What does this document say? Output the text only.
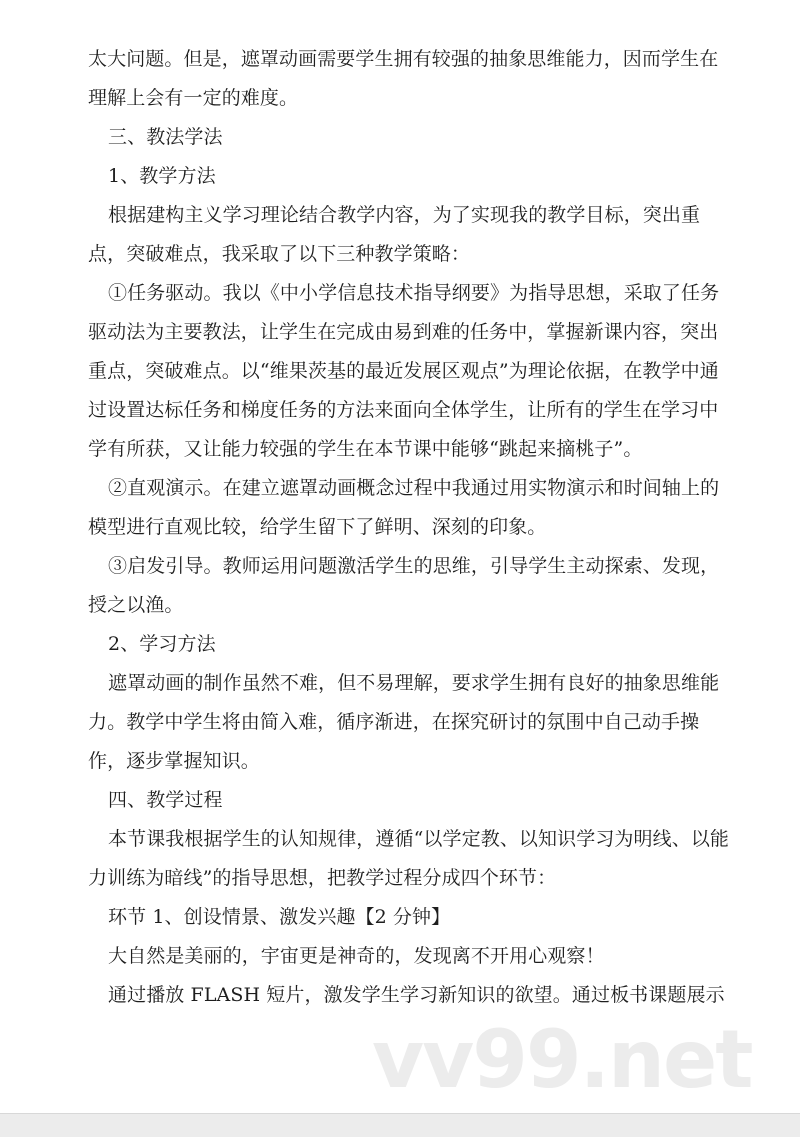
太大问题。但是，遮罩动画需要学生拥有较强的抽象思维能力，因而学生在
理解上会有一定的难度。
三、教法学法
1、教学方法
根据建构主义学习理论结合教学内容，为了实现我的教学目标，突出重
点，突破难点，我采取了以下三种教学策略：
①任务驱动。我以《中小学信息技术指导纲要》为指导思想，采取了任务
驱动法为主要教法，让学生在完成由易到难的任务中，掌握新课内容，突出
重点，突破难点。以“维果茨基的最近发展区观点”为理论依据，在教学中通
过设置达标任务和梯度任务的方法来面向全体学生，让所有的学生在学习中
学有所获，又让能力较强的学生在本节课中能够“跳起来摘桃子”。
②直观演示。在建立遮罩动画概念过程中我通过用实物演示和时间轴上的
模型进行直观比较，给学生留下了鲜明、深刻的印象。
③启发引导。教师运用问题激活学生的思维，引导学生主动探索、发现，
授之以渔。
2、学习方法
遮罩动画的制作虽然不难，但不易理解，要求学生拥有良好的抽象思维能
力。教学中学生将由简入难，循序渐进，在探究研讨的氛围中自己动手操
作，逐步掌握知识。
四、教学过程
本节课我根据学生的认知规律，遵循“以学定教、以知识学习为明线、以能
力训练为暗线”的指导思想，把教学过程分成四个环节：
环节 1、创设情景、激发兴趣【2 分钟】
大自然是美丽的，宇宙更是神奇的，发现离不开用心观察！
通过播放 FLASH 短片，激发学生学习新知识的欲望。通过板书课题展示
vv99.net
